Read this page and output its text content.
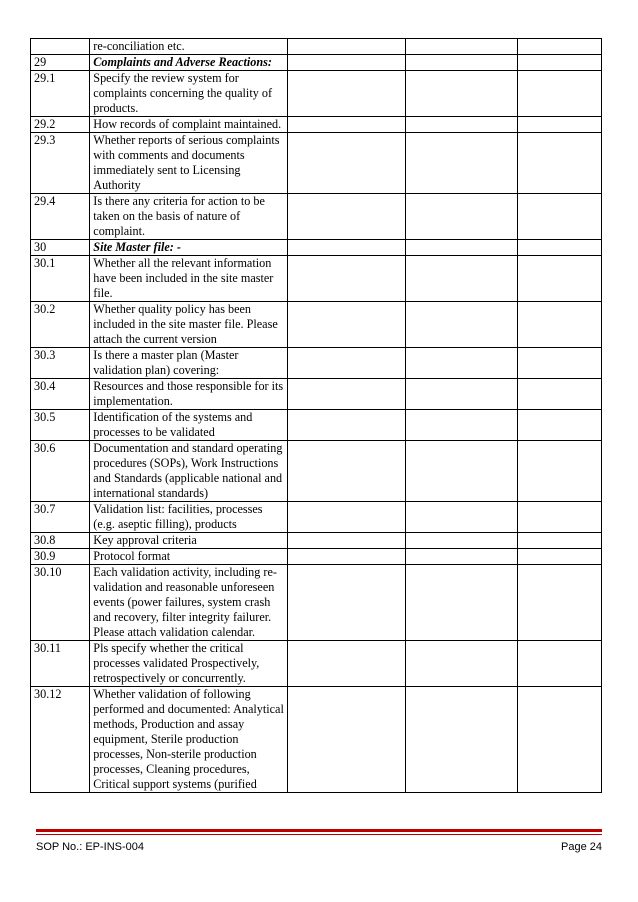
	re-conciliation etc.			
29	Complaints and Adverse Reactions:			
29.1	Specify the review system for complaints concerning the quality of products.			
29.2	How records of complaint maintained.			
29.3	Whether reports of serious complaints with comments and documents immediately sent to Licensing Authority			
29.4	Is there any criteria for action to be taken on the basis of nature of complaint.			
30	Site Master file: -			
30.1	Whether all the relevant information have been included in the site master file.			
30.2	Whether quality policy has been included in the site master file. Please attach the current version			
30.3	Is there a master plan (Master validation plan) covering:			
30.4	Resources and those responsible for its implementation.			
30.5	Identification of the systems and processes to be validated			
30.6	Documentation and standard operating procedures (SOPs), Work Instructions and Standards (applicable national and international standards)			
30.7	Validation list: facilities, processes (e.g. aseptic filling), products			
30.8	Key approval criteria			
30.9	Protocol format			
30.10	Each validation activity, including re-validation and reasonable unforeseen events (power failures, system crash and recovery, filter integrity failurer. Please attach validation calendar.			
30.11	Pls specify whether the critical processes validated Prospectively, retrospectively or concurrently.			
30.12	Whether validation of following performed and documented: Analytical methods, Production and assay equipment, Sterile production processes, Non-sterile production processes, Cleaning procedures, Critical support systems (purified			
SOP No.: EP-INS-004	Page 24
